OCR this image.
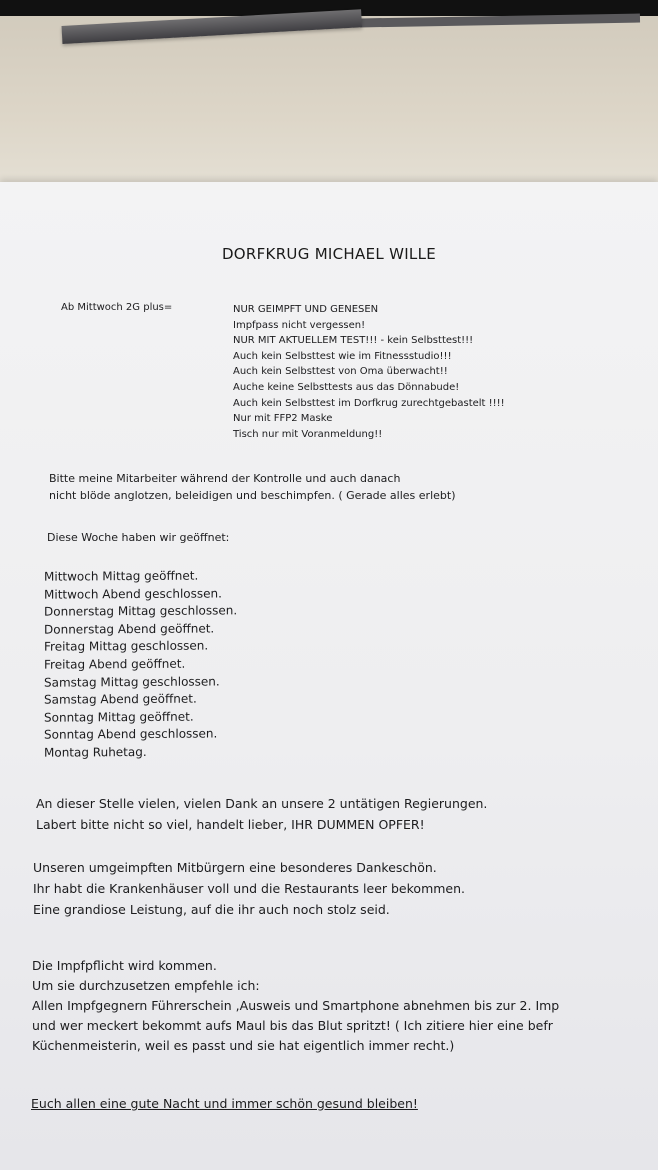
DORFKRUG MICHAEL WILLE
Ab Mittwoch 2G plus=	NUR GEIMPFT UND GENESEN
Impfpass nicht vergessen!
NUR MIT AKTUELLEM TEST!!! - kein Selbsttest!!!
Auch kein Selbsttest wie im Fitnessstudio!!!
Auch kein Selbsttest von Oma überwacht!!
Auche keine Selbsttests aus das Dönnabude!
Auch kein Selbsttest im Dorfkrug zurechtgebastelt !!!!
Nur mit FFP2 Maske
Tisch nur mit Voranmeldung!!
Bitte meine Mitarbeiter während der Kontrolle und auch danach
nicht blöde anglotzen, beleidigen und beschimpfen. ( Gerade alles erlebt)
Diese Woche haben wir geöffnet:
Mittwoch Mittag geöffnet.
Mittwoch Abend geschlossen.
Donnerstag Mittag geschlossen.
Donnerstag Abend geöffnet.
Freitag Mittag geschlossen.
Freitag Abend geöffnet.
Samstag Mittag geschlossen.
Samstag Abend geöffnet.
Sonntag Mittag geöffnet.
Sonntag Abend geschlossen.
Montag Ruhetag.
An dieser Stelle vielen, vielen Dank an unsere 2 untätigen Regierungen.
Labert bitte nicht so viel, handelt lieber, IHR DUMMEN OPFER!
Unseren umgeimpften Mitbürgern eine besonderes Dankeschön.
Ihr habt die Krankenhäuser voll und die Restaurants leer bekommen.
Eine grandiose Leistung, auf die ihr auch noch stolz seid.
Die Impfpflicht wird kommen.
Um sie durchzusetzen empfehle ich:
Allen Impfgegnern Führerschein ,Ausweis und Smartphone abnehmen bis zur 2. Imp
und wer meckert bekommt aufs Maul bis das Blut spritzt! ( Ich zitiere hier eine befr
Küchenmeisterin, weil es passt und sie hat eigentlich immer recht.)
Euch allen eine gute Nacht und immer schön gesund bleiben!
